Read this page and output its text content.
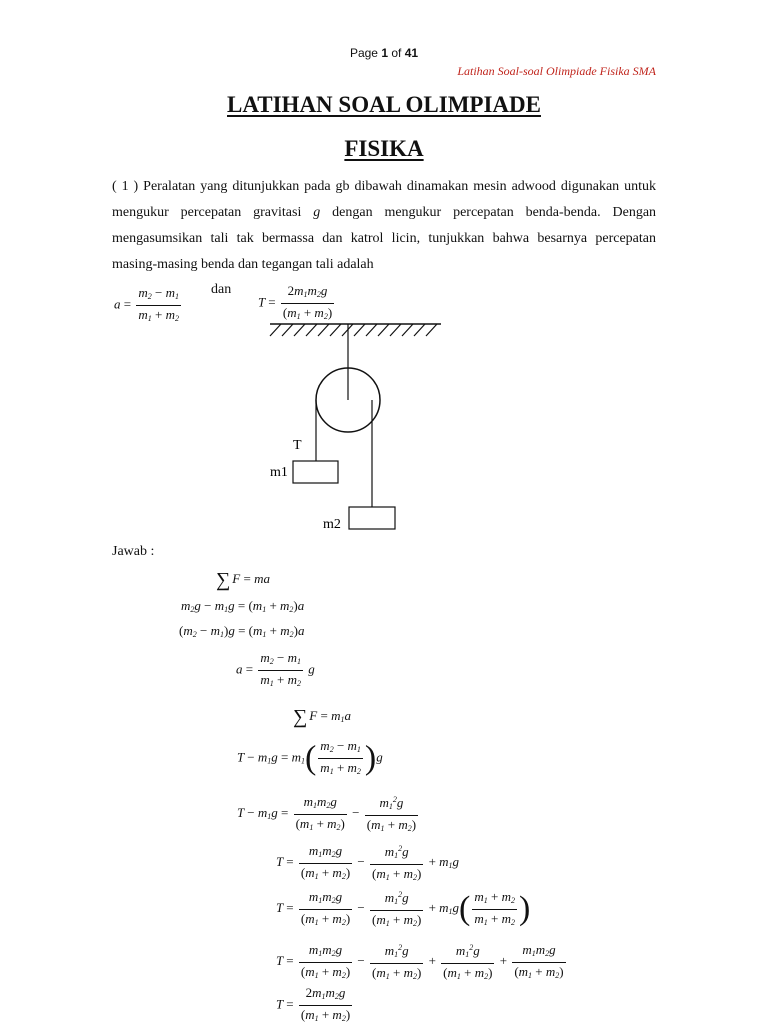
Page 1 of 41
Latihan Soal-soal Olimpiade Fisika SMA
LATIHAN SOAL OLIMPIADE
FISIKA
( 1 ) Peralatan yang ditunjukkan pada gb dibawah dinamakan mesin adwood digunakan untuk mengukur percepatan gravitasi g dengan mengukur percepatan benda-benda. Dengan mengasumsikan tali tak bermassa dan katrol licin, tunjukkan bahwa besarnya percepatan masing-masing benda dan tegangan tali adalah
$a = \frac{m_2 - m_1}{m_1 + m_2}$ dan
$T = \frac{2m_1m_2g}{(m_1 + m_2)}$
T
m1
m2
Jawab :
∑ F = ma
$m_2g - m_1g = (m_1 + m_2)a$
$(m_2 - m_1)g = (m_1 + m_2)a$
$a = \frac{m_2 - m_1}{m_1 + m_2}$ g
∑ $F = m_1a$
$T - m_1g = m_1( \frac{m_2 - m_1}{m_1 + m_2} )g$
$T - m_1g = \frac{m_1m_2g}{(m_1 + m_2)} - \frac{m_1^2g}{(m_1 + m_2)}$
$T = \frac{m_1m_2g}{(m_1 + m_2)} - \frac{m_1^2g}{(m_1 + m_2)} + m_1g$
$T = \frac{m_1m_2g}{(m_1 + m_2)} - \frac{m_1^2g}{(m_1 + m_2)} + m_1g( \frac{m_1 + m_2}{m_1 + m_2}$ )
$T = \frac{m_1m_2g}{(m_1 + m_2)} - \frac{m_1^2g}{(m_1 + m_2)} + \frac{m_1^2g}{(m_1 + m_2)} + \frac{m_1m_2g}{(m_1 + m_2)}$
$T = \frac{2m_1m_2g}{(m_1 + m_2)}$
